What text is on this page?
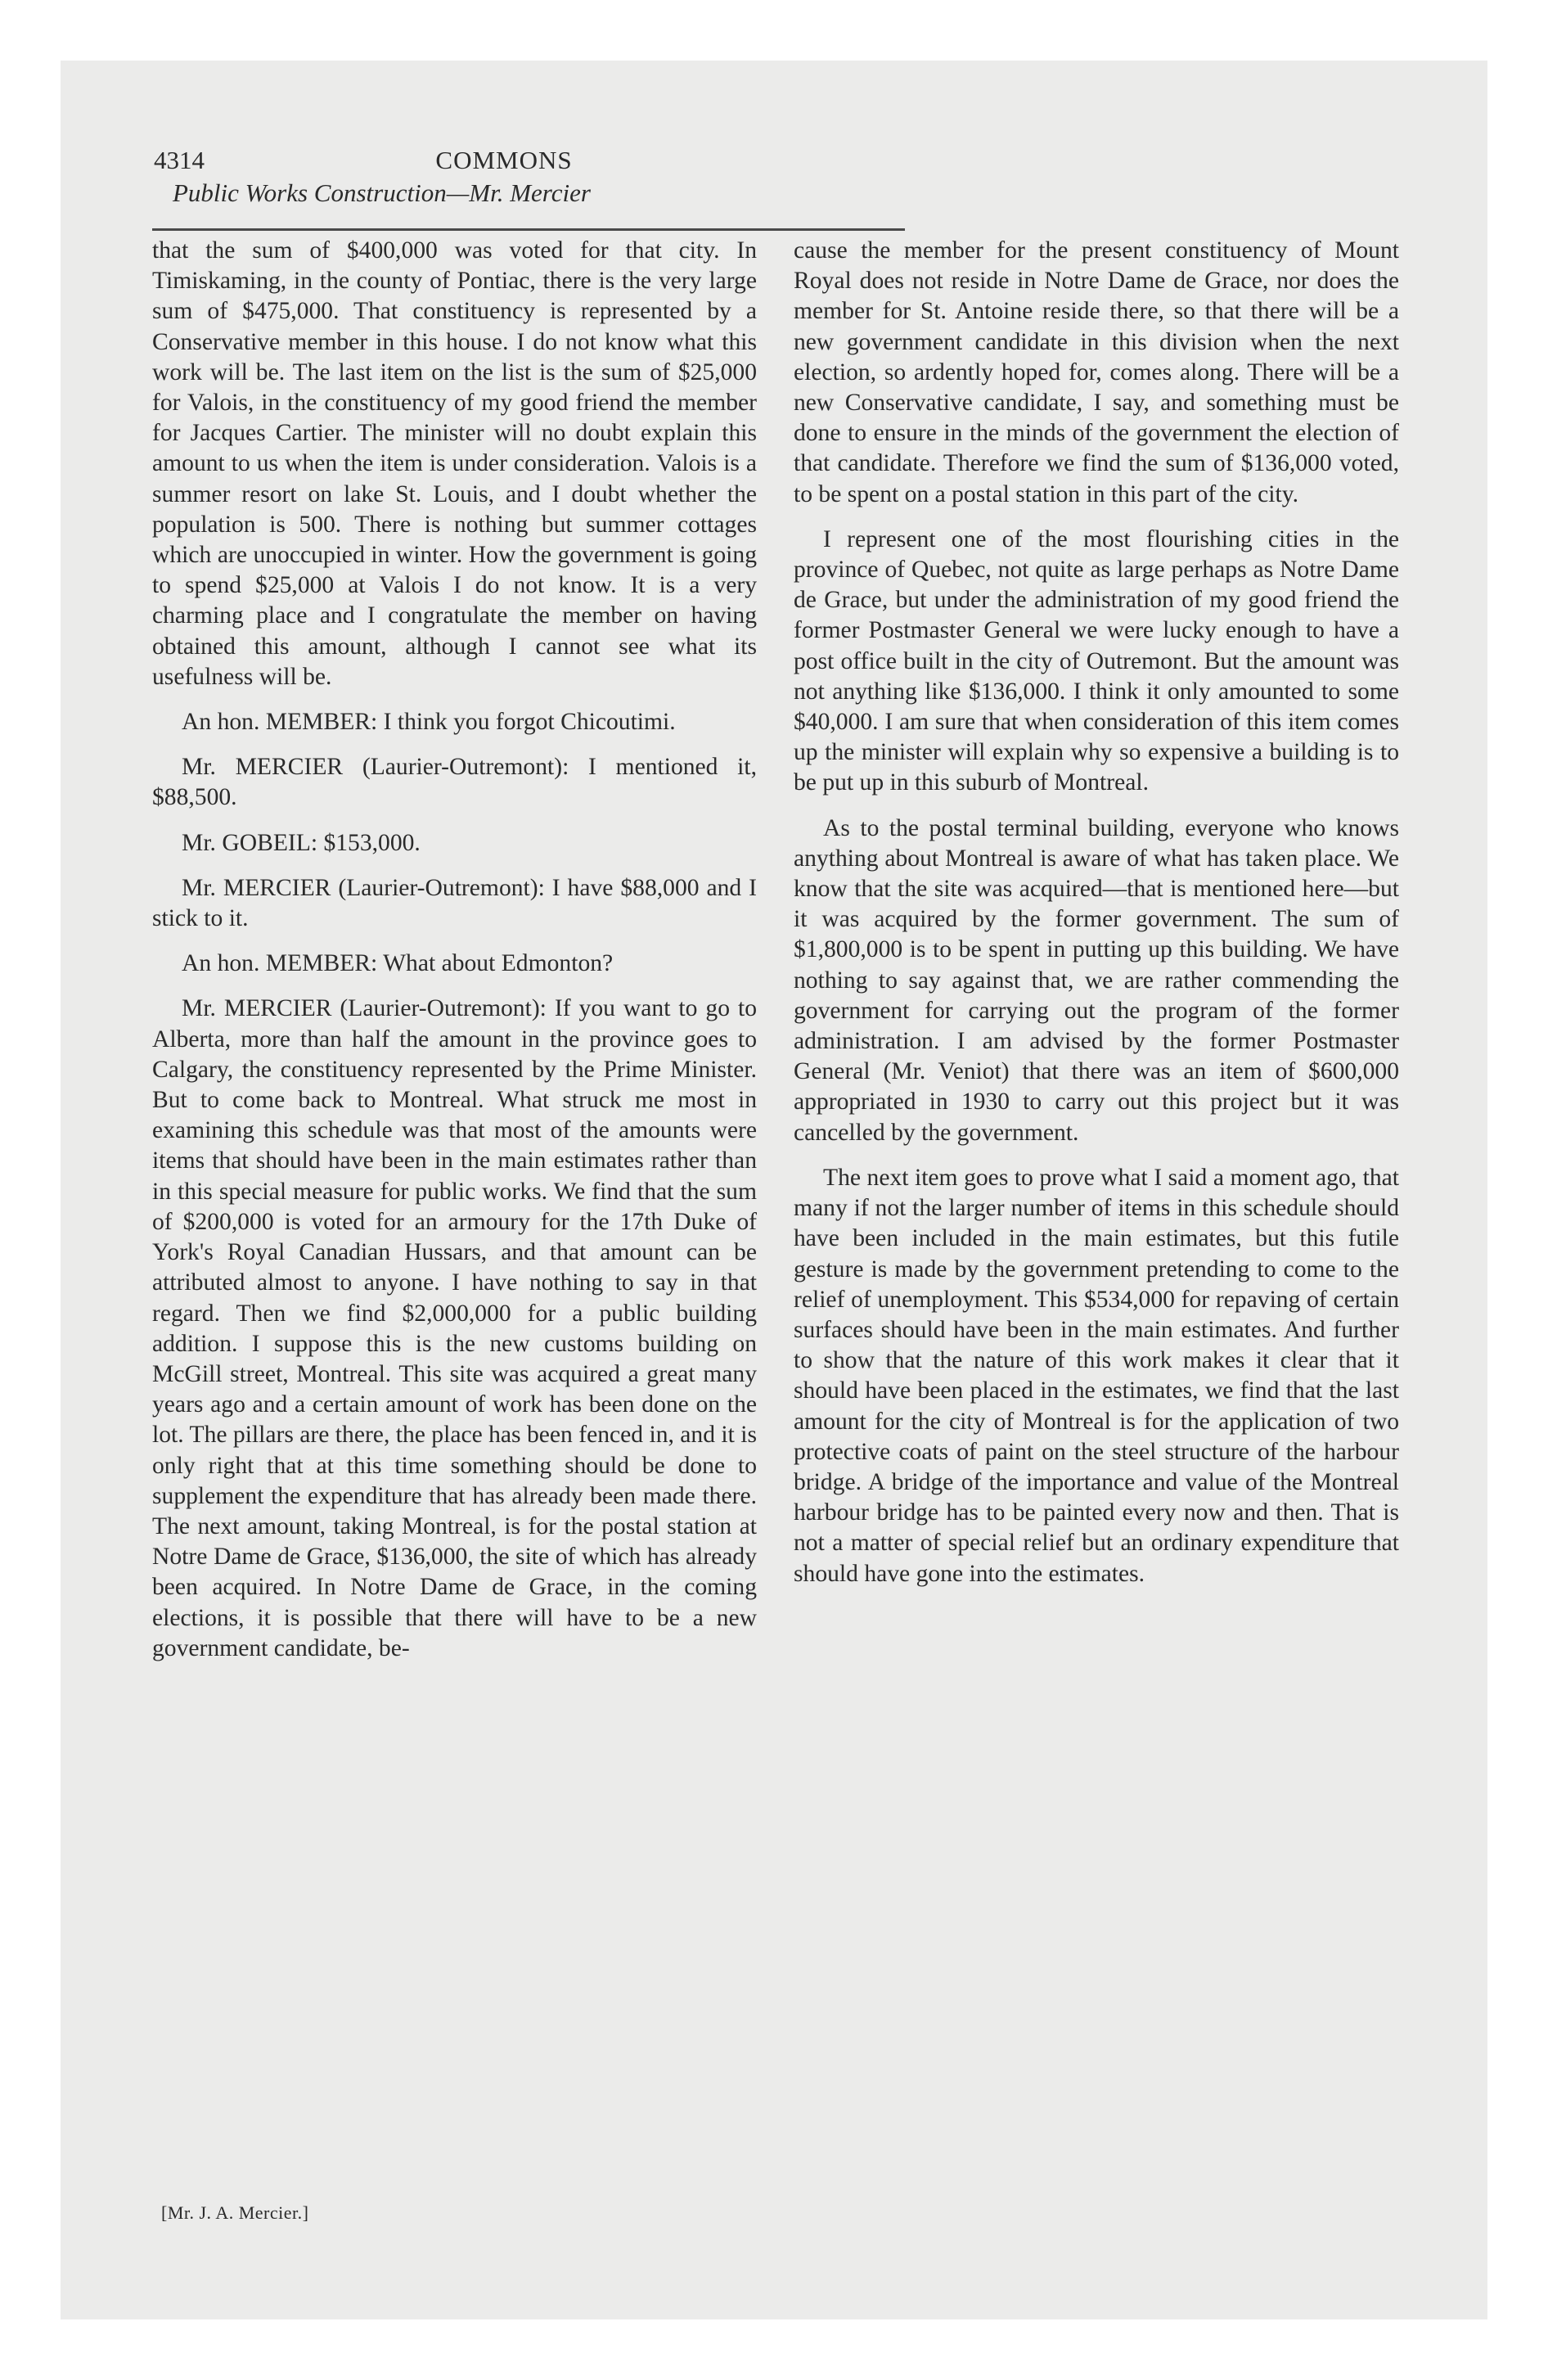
4314	COMMONS
Public Works Construction—Mr. Mercier

that the sum of $400,000 was voted for that city. In Timiskaming, in the county of Pontiac, there is the very large sum of $475,000. That constituency is represented by a Conservative member in this house. I do not know what this work will be. The last item on the list is the sum of $25,000 for Valois, in the constituency of my good friend the member for Jacques Cartier. The minister will no doubt explain this amount to us when the item is under consideration. Valois is a summer resort on lake St. Louis, and I doubt whether the population is 500. There is nothing but summer cottages which are unoccupied in winter. How the government is going to spend $25,000 at Valois I do not know. It is a very charming place and I congratulate the member on having obtained this amount, although I cannot see what its usefulness will be.

An hon. MEMBER: I think you forgot Chicoutimi.

Mr. MERCIER (Laurier-Outremont): I mentioned it, $88,500.

Mr. GOBEIL: $153,000.

Mr. MERCIER (Laurier-Outremont): I have $88,000 and I stick to it.

An hon. MEMBER: What about Edmonton?

Mr. MERCIER (Laurier-Outremont): If you want to go to Alberta, more than half the amount in the province goes to Calgary, the constituency represented by the Prime Minister. But to come back to Montreal. What struck me most in examining this schedule was that most of the amounts were items that should have been in the main estimates rather than in this special measure for public works. We find that the sum of $200,000 is voted for an armoury for the 17th Duke of York's Royal Canadian Hussars, and that amount can be attributed almost to anyone. I have nothing to say in that regard. Then we find $2,000,000 for a public building addition. I suppose this is the new customs building on McGill street, Montreal. This site was acquired a great many years ago and a certain amount of work has been done on the lot. The pillars are there, the place has been fenced in, and it is only right that at this time something should be done to supplement the expenditure that has already been made there. The next amount, taking Montreal, is for the postal station at Notre Dame de Grace, $136,000, the site of which has already been acquired. In Notre Dame de Grace, in the coming elections, it is possible that there will have to be a new government candidate, be-

cause the member for the present constituency of Mount Royal does not reside in Notre Dame de Grace, nor does the member for St. Antoine reside there, so that there will be a new government candidate in this division when the next election, so ardently hoped for, comes along. There will be a new Conservative candidate, I say, and something must be done to ensure in the minds of the government the election of that candidate. Therefore we find the sum of $136,000 voted, to be spent on a postal station in this part of the city.

I represent one of the most flourishing cities in the province of Quebec, not quite as large perhaps as Notre Dame de Grace, but under the administration of my good friend the former Postmaster General we were lucky enough to have a post office built in the city of Outremont. But the amount was not anything like $136,000. I think it only amounted to some $40,000. I am sure that when consideration of this item comes up the minister will explain why so expensive a building is to be put up in this suburb of Montreal.

As to the postal terminal building, everyone who knows anything about Montreal is aware of what has taken place. We know that the site was acquired—that is mentioned here—but it was acquired by the former government. The sum of $1,800,000 is to be spent in putting up this building. We have nothing to say against that, we are rather commending the government for carrying out the program of the former administration. I am advised by the former Postmaster General (Mr. Veniot) that there was an item of $600,000 appropriated in 1930 to carry out this project but it was cancelled by the government.

The next item goes to prove what I said a moment ago, that many if not the larger number of items in this schedule should have been included in the main estimates, but this futile gesture is made by the government pretending to come to the relief of unemployment. This $534,000 for repaving of certain surfaces should have been in the main estimates. And further to show that the nature of this work makes it clear that it should have been placed in the estimates, we find that the last amount for the city of Montreal is for the application of two protective coats of paint on the steel structure of the harbour bridge. A bridge of the importance and value of the Montreal harbour bridge has to be painted every now and then. That is not a matter of special relief but an ordinary expenditure that should have gone into the estimates.

[Mr. J. A. Mercier.]
